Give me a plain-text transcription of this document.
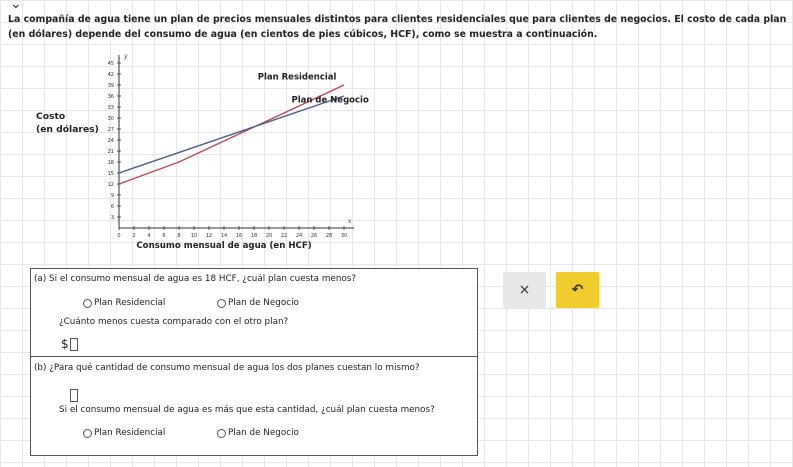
⌄
La compañía de agua tiene un plan de precios mensuales distintos para clientes residenciales que para clientes de negocios. El costo de cada plan (en dólares) depende del consumo de agua (en cientos de pies cúbicos, HCF), como se muestra a continuación.
Costo
(en dólares)
0 2 4 6 8 10 12 14 16 18 20 22 24 26 28 30
3
6
9
12
15
18
21
24
27
30
33
36
39
42
45
y
x
Plan Residencial
Plan de Negocio
Consumo mensual de agua (en HCF)
(a) Si el consumo mensual de agua es 18 HCF, ¿cuál plan cuesta menos?
Plan Residencial	Plan de Negocio
¿Cuánto menos cuesta comparado con el otro plan?
$
(b) ¿Para qué cantidad de consumo mensual de agua los dos planes cuestan lo mismo?
Si el consumo mensual de agua es más que esta cantidad, ¿cuál plan cuesta menos?
Plan Residencial	Plan de Negocio
×	↶
